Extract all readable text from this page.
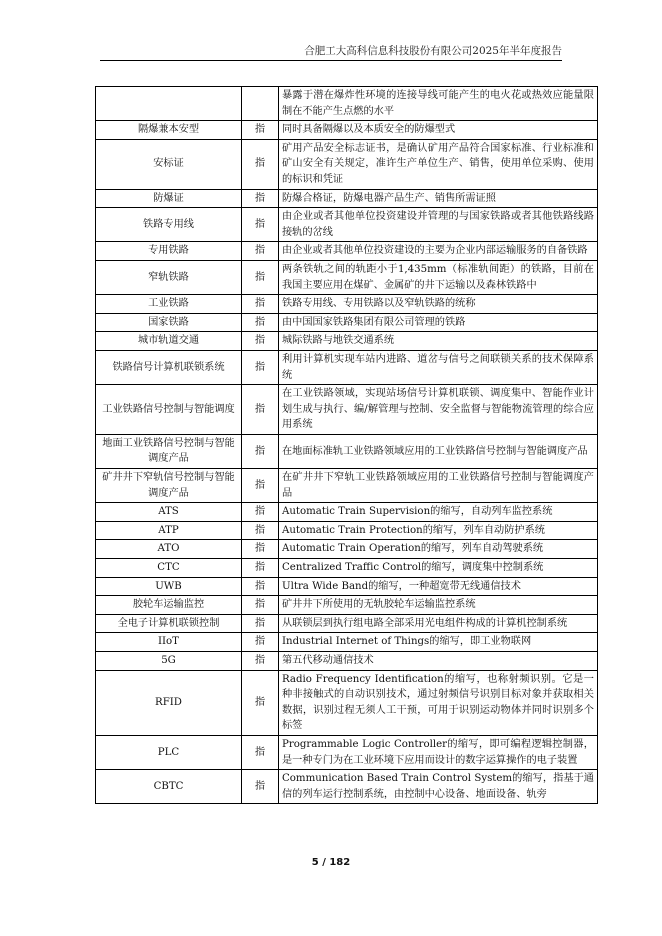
合肥工大高科信息科技股份有限公司2025年半年度报告
		暴露于潜在爆炸性环境的连接导线可能产生的电火花或热效应能量限制在不能产生点燃的水平
隔爆兼本安型	指	同时具备隔爆以及本质安全的防爆型式
安标证	指	矿用产品安全标志证书，是确认矿用产品符合国家标准、行业标准和矿山安全有关规定，准许生产单位生产、销售，使用单位采购、使用的标识和凭证
防爆证	指	防爆合格证，防爆电器产品生产、销售所需证照
铁路专用线	指	由企业或者其他单位投资建设并管理的与国家铁路或者其他铁路线路接轨的岔线
专用铁路	指	由企业或者其他单位投资建设的主要为企业内部运输服务的自备铁路
窄轨铁路	指	两条铁轨之间的轨距小于1,435mm（标准轨间距）的铁路，目前在我国主要应用在煤矿、金属矿的井下运输以及森林铁路中
工业铁路	指	铁路专用线、专用铁路以及窄轨铁路的统称
国家铁路	指	由中国国家铁路集团有限公司管理的铁路
城市轨道交通	指	城际铁路与地铁交通系统
铁路信号计算机联锁系统	指	利用计算机实现车站内进路、道岔与信号之间联锁关系的技术保障系统
工业铁路信号控制与智能调度	指	在工业铁路领域，实现站场信号计算机联锁、调度集中、智能作业计划生成与执行、编/解管理与控制、安全监督与智能物流管理的综合应用系统
地面工业铁路信号控制与智能调度产品	指	在地面标准轨工业铁路领域应用的工业铁路信号控制与智能调度产品
矿井井下窄轨信号控制与智能调度产品	指	在矿井井下窄轨工业铁路领域应用的工业铁路信号控制与智能调度产品
ATS	指	Automatic Train Supervision的缩写，自动列车监控系统
ATP	指	Automatic Train Protection的缩写，列车自动防护系统
ATO	指	Automatic Train Operation的缩写，列车自动驾驶系统
CTC	指	Centralized Traffic Control的缩写，调度集中控制系统
UWB	指	Ultra Wide Band的缩写，一种超宽带无线通信技术
胶轮车运输监控	指	矿井井下所使用的无轨胶轮车运输监控系统
全电子计算机联锁控制	指	从联锁层到执行组电路全部采用光电组件构成的计算机控制系统
IIoT	指	Industrial Internet of Things的缩写，即工业物联网
5G	指	第五代移动通信技术
RFID	指	Radio Frequency Identification的缩写，也称射频识别。它是一种非接触式的自动识别技术，通过射频信号识别目标对象并获取相关数据，识别过程无须人工干预，可用于识别运动物体并同时识别多个标签
PLC	指	Programmable Logic Controller的缩写，即可编程逻辑控制器，是一种专门为在工业环境下应用而设计的数字运算操作的电子装置
CBTC	指	Communication Based Train Control System的缩写，指基于通信的列车运行控制系统，由控制中心设备、地面设备、轨旁
5 / 182
